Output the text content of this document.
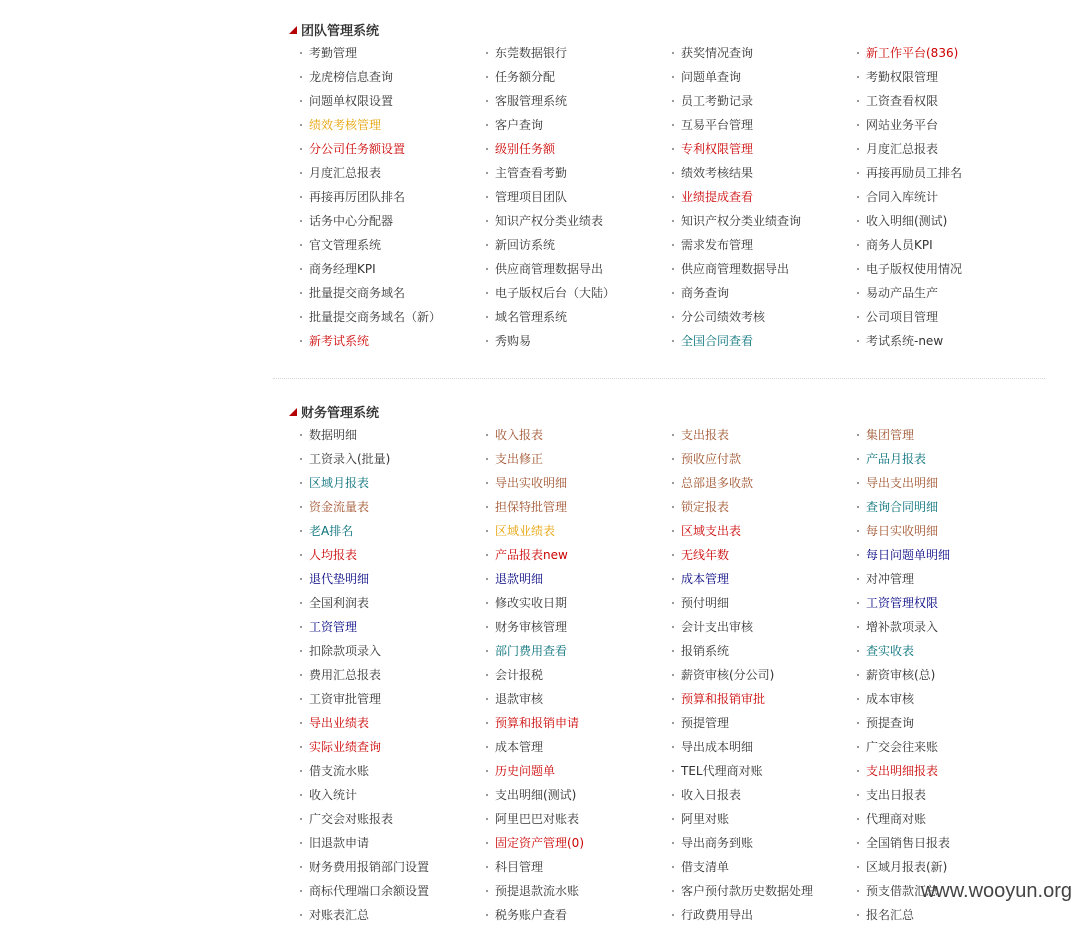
团队管理系统
考勤管理	东莞数据银行	获奖情况查询	新工作平台(836)
龙虎榜信息查询	任务额分配	问题单查询	考勤权限管理
问题单权限设置	客服管理系统	员工考勤记录	工资查看权限
绩效考核管理	客户查询	互易平台管理	网站业务平台
分公司任务额设置	级别任务额	专利权限管理	月度汇总报表
月度汇总报表	主管查看考勤	绩效考核结果	再接再励员工排名
再接再厉团队排名	管理项目团队	业绩提成查看	合同入库统计
话务中心分配器	知识产权分类业绩表	知识产权分类业绩查询	收入明细(测试)
官文管理系统	新回访系统	需求发布管理	商务人员KPI
商务经理KPI	供应商管理数据导出	供应商管理数据导出	电子版权使用情况
批量提交商务域名	电子版权后台（大陆）	商务查询	易动产品生产
批量提交商务域名（新）	域名管理系统	分公司绩效考核	公司项目管理
新考试系统	秀购易	全国合同查看	考试系统-new
财务管理系统
数据明细	收入报表	支出报表	集团管理
工资录入(批量)	支出修正	预收应付款	产品月报表
区域月报表	导出实收明细	总部退多收款	导出支出明细
资金流量表	担保特批管理	锁定报表	查询合同明细
老A排名	区域业绩表	区域支出表	每日实收明细
人均报表	产品报表new	无线年数	每日问题单明细
退代垫明细	退款明细	成本管理	对冲管理
全国利润表	修改实收日期	预付明细	工资管理权限
工资管理	财务审核管理	会计支出审核	增补款项录入
扣除款项录入	部门费用查看	报销系统	查实收表
费用汇总报表	会计报税	薪资审核(分公司)	薪资审核(总)
工资审批管理	退款审核	预算和报销审批	成本审核
导出业绩表	预算和报销申请	预提管理	预提查询
实际业绩查询	成本管理	导出成本明细	广交会往来账
借支流水账	历史问题单	TEL代理商对账	支出明细报表
收入统计	支出明细(测试)	收入日报表	支出日报表
广交会对账报表	阿里巴巴对账表	阿里对账	代理商对账
旧退款申请	固定资产管理(0)	导出商务到账	全国销售日报表
财务费用报销部门设置	科目管理	借支清单	区域月报表(新)
商标代理端口余额设置	预提退款流水账	客户预付款历史数据处理	预支借款汇总
对账表汇总	税务账户查看	行政费用导出	报名汇总
www.wooyun.org
